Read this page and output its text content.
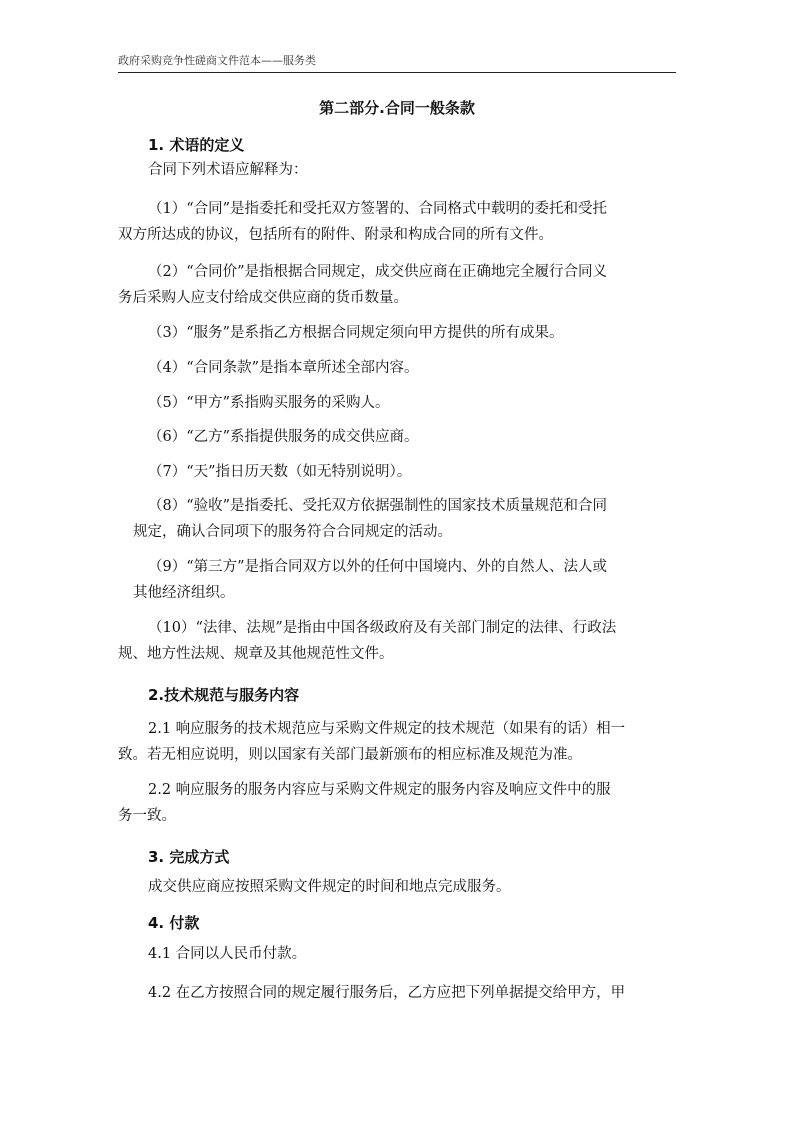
政府采购竞争性磋商文件范本——服务类
第二部分.合同一般条款
1. 术语的定义
合同下列术语应解释为：
（1）“合同”是指委托和受托双方签署的、合同格式中载明的委托和受托
双方所达成的协议，包括所有的附件、附录和构成合同的所有文件。
（2）“合同价”是指根据合同规定，成交供应商在正确地完全履行合同义
务后采购人应支付给成交供应商的货币数量。
（3）“服务”是系指乙方根据合同规定须向甲方提供的所有成果。
（4）“合同条款”是指本章所述全部内容。
（5）“甲方”系指购买服务的采购人。
（6）“乙方”系指提供服务的成交供应商。
（7）“天”指日历天数（如无特别说明）。
（8）“验收”是指委托、受托双方依据强制性的国家技术质量规范和合同
规定，确认合同项下的服务符合合同规定的活动。
（9）“第三方”是指合同双方以外的任何中国境内、外的自然人、法人或
其他经济组织。
（10）“法律、法规”是指由中国各级政府及有关部门制定的法律、行政法
规、地方性法规、规章及其他规范性文件。
2.技术规范与服务内容
2.1 响应服务的技术规范应与采购文件规定的技术规范（如果有的话）相一
致。若无相应说明，则以国家有关部门最新颁布的相应标准及规范为准。
2.2 响应服务的服务内容应与采购文件规定的服务内容及响应文件中的服
务一致。
3. 完成方式
成交供应商应按照采购文件规定的时间和地点完成服务。
4. 付款
4.1 合同以人民币付款。
4.2 在乙方按照合同的规定履行服务后，乙方应把下列单据提交给甲方，甲
